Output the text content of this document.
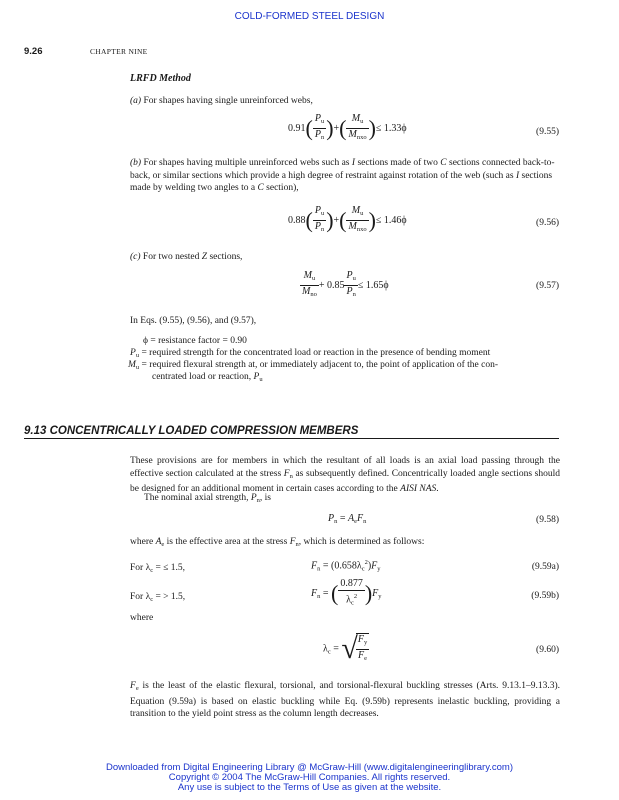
COLD-FORMED STEEL DESIGN
9.26	CHAPTER NINE
LRFD Method
(a) For shapes having single unreinforced webs,
$0.91( \frac{P_u}{P_n}$ )+( $\frac{M_u}{M_{nxo}}$ )≤ 1.33ϕ	(9.55)
(b) For shapes having multiple unreinforced webs such as I sections made of two C sections connected back-to-back, or similar sections which provide a high degree of restraint against rotation of the web (such as I sections made by welding two angles to a C section),
$0.88( \frac{P_u}{P_n}$ )+( $\frac{M_u}{M_{nxo}}$ )≤ 1.46ϕ	(9.56)
(c) For two nested Z sections,
$\frac{M_u}{M_{no}} + 0.85 \frac{P_u}{P_n} \le 1.65\phi$	(9.57)
In Eqs. (9.55), (9.56), and (9.57),
ϕ = resistance factor = 0.90
$P_u$ = required strength for the concentrated load or reaction in the presence of bending moment
$M_u$ = required flexural strength at, or immediately adjacent to, the point of application of the con-
centrated load or reaction, $P_u$
9.13 CONCENTRICALLY LOADED COMPRESSION MEMBERS
These provisions are for members in which the resultant of all loads is an axial load passing through the effective section calculated at the stress $F_n$ as subsequently defined. Concentrically loaded angle sections should be designed for an additional moment in certain cases according to the AISI NAS.
The nominal axial strength, $P_n$, is
$P_n = A_eF_n$	(9.58)
where $A_e$ is the effective area at the stress $F_n$, which is determined as follows:
For $\lambda_c$ = ≤ 1.5,	$F_n = (0.658\lambda_c^2)F_y$	(9.59a)
For $\lambda_c$ = > 1.5,	$F_n$ = ( $\frac{0.877}{\lambda_c^2} )F_y$	(9.59b)
where
$\lambda_c$ = √
$\frac{F_y}{F_e}$	(9.60)
$F_e$ is the least of the elastic flexural, torsional, and torsional-flexural buckling stresses (Arts. 9.13.1–9.13.3). Equation (9.59a) is based on elastic buckling while Eq. (9.59b) represents inelastic buckling, providing a transition to the yield point stress as the column length decreases.
Downloaded from Digital Engineering Library @ McGraw-Hill (www.digitalengineeringlibrary.com)
Copyright © 2004 The McGraw-Hill Companies. All rights reserved.
Any use is subject to the Terms of Use as given at the website.
